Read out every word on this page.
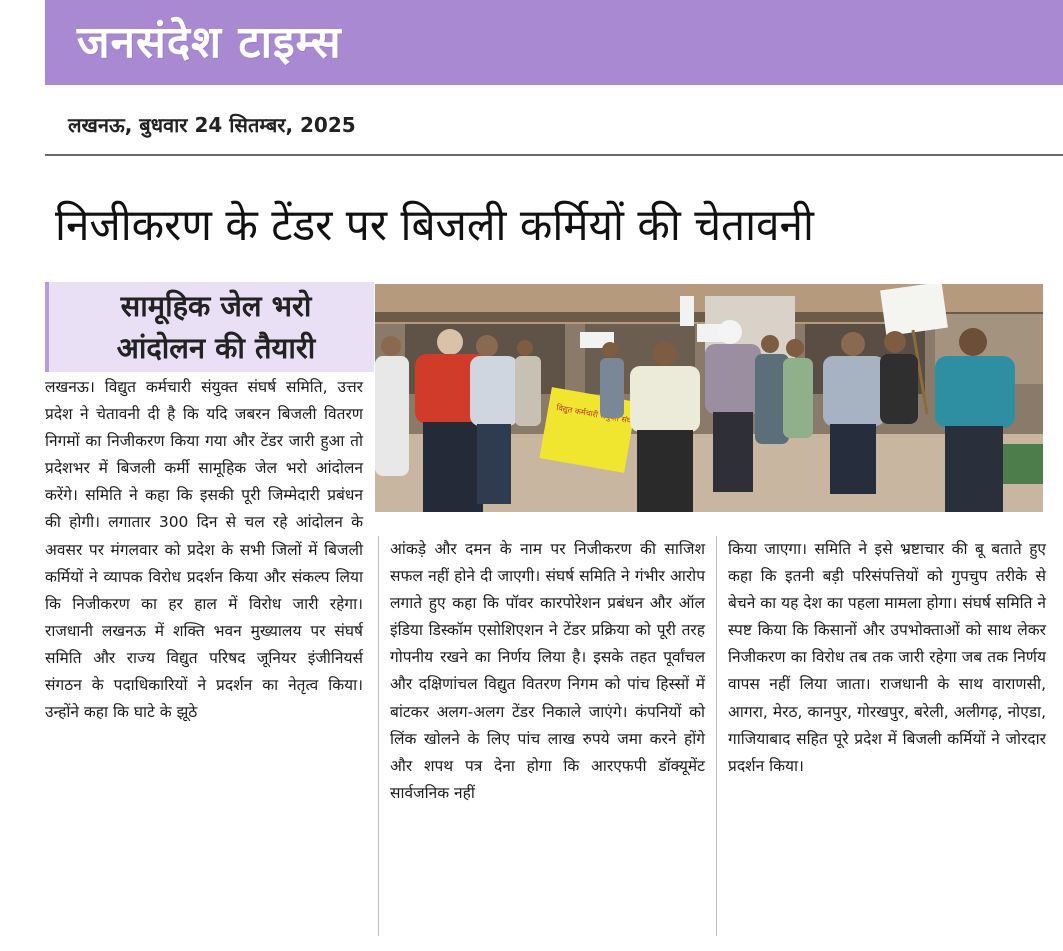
जनसंदेश टाइम्स
लखनऊ, बुधवार 24 सितम्बर, 2025
निजीकरण के टेंडर पर बिजली कर्मियों की चेतावनी
सामूहिक जेल भरो
आंदोलन की तैयारी
विद्युत कर्मचारी संघर्ष

लखनऊ। विद्युत कर्मचारी संयुक्त संघर्ष समिति, उत्तर प्रदेश ने चेतावनी दी है कि यदि जबरन बिजली वितरण निगमों का निजीकरण किया गया और टेंडर जारी हुआ तो प्रदेशभर में बिजली कर्मी सामूहिक जेल भरो आंदोलन करेंगे। समिति ने कहा कि इसकी पूरी जिम्मेदारी प्रबंधन की होगी। लगातार 300 दिन से चल रहे आंदोलन के अवसर पर मंगलवार को प्रदेश के सभी जिलों में बिजली कर्मियों ने व्यापक विरोध प्रदर्शन किया और संकल्प लिया कि निजीकरण का हर हाल में विरोध जारी रहेगा। राजधानी लखनऊ में शक्ति भवन मुख्यालय पर संघर्ष समिति और राज्य विद्युत परिषद जूनियर इंजीनियर्स संगठन के पदाधिकारियों ने प्रदर्शन का नेतृत्व किया। उन्होंने कहा कि घाटे के झूठे

आंकड़े और दमन के नाम पर निजीकरण की साजिश सफल नहीं होने दी जाएगी। संघर्ष समिति ने गंभीर आरोप लगाते हुए कहा कि पॉवर कारपोरेशन प्रबंधन और ऑल इंडिया डिस्कॉम एसोशिएशन ने टेंडर प्रक्रिया को पूरी तरह गोपनीय रखने का निर्णय लिया है। इसके तहत पूर्वांचल और दक्षिणांचल विद्युत वितरण निगम को पांच हिस्सों में बांटकर अलग-अलग टेंडर निकाले जाएंगे। कंपनियों को लिंक खोलने के लिए पांच लाख रुपये जमा करने होंगे और शपथ पत्र देना होगा कि आरएफपी डॉक्यूमेंट सार्वजनिक नहीं

किया जाएगा। समिति ने इसे भ्रष्टाचार की बू बताते हुए कहा कि इतनी बड़ी परिसंपत्तियों को गुपचुप तरीके से बेचने का यह देश का पहला मामला होगा। संघर्ष समिति ने स्पष्ट किया कि किसानों और उपभोक्ताओं को साथ लेकर निजीकरण का विरोध तब तक जारी रहेगा जब तक निर्णय वापस नहीं लिया जाता। राजधानी के साथ वाराणसी, आगरा, मेरठ, कानपुर, गोरखपुर, बरेली, अलीगढ़, नोएडा, गाजियाबाद सहित पूरे प्रदेश में बिजली कर्मियों ने जोरदार प्रदर्शन किया।
